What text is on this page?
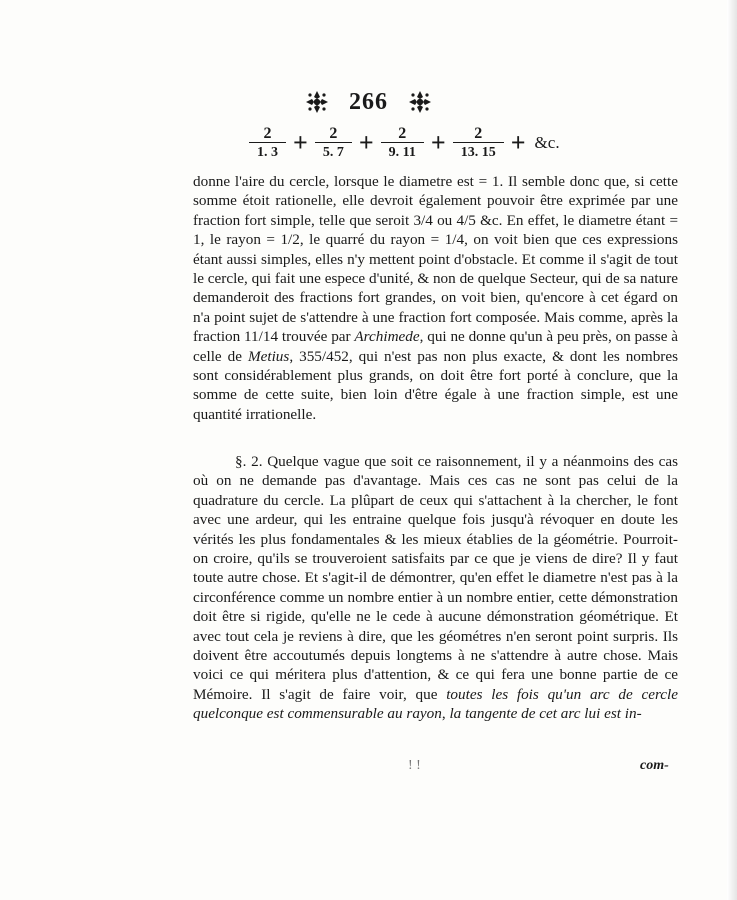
266
$\frac{2}{1. 3} + \frac{2}{5. 7} + \frac{2}{9. 11} + \frac{2}{13. 15}$ + &c.

donne l'aire du cercle, lorsque le diametre est = 1. Il semble donc que, si cette somme étoit rationelle, elle devroit également pouvoir être exprimée par une fraction fort simple, telle que seroit 3/4 ou 4/5 &c. En effet, le diametre étant = 1, le rayon = 1/2, le quarré du rayon = 1/4, on voit bien que ces expressions étant aussi simples, elles n'y mettent point d'obstacle. Et comme il s'agit de tout le cercle, qui fait une espece d'unité, & non de quelque Secteur, qui de sa nature demanderoit des fractions fort grandes, on voit bien, qu'encore à cet égard on n'a point sujet de s'attendre à une fraction fort composée. Mais comme, après la fraction 11/14 trouvée par Archimede, qui ne donne qu'un à peu près, on passe à celle de Metius, 355/452, qui n'est pas non plus exacte, & dont les nombres sont considérablement plus grands, on doit être fort porté à conclure, que la somme de cette suite, bien loin d'être égale à une fraction simple, est une quantité irrationelle.

§. 2. Quelque vague que soit ce raisonnement, il y a néanmoins des cas où on ne demande pas d'avantage. Mais ces cas ne sont pas celui de la quadrature du cercle. La plûpart de ceux qui s'attachent à la chercher, le font avec une ardeur, qui les entraine quelque fois jusqu'à révoquer en doute les vérités les plus fondamentales & les mieux établies de la géométrie. Pourroit-on croire, qu'ils se trouveroient satisfaits par ce que je viens de dire? Il y faut toute autre chose. Et s'agit-il de démontrer, qu'en effet le diametre n'est pas à la circonférence comme un nombre entier à un nombre entier, cette démonstration doit être si rigide, qu'elle ne le cede à aucune démonstration géométrique. Et avec tout cela je reviens à dire, que les géométres n'en seront point surpris. Ils doivent être accoutumés depuis longtems à ne s'attendre à autre chose. Mais voici ce qui méritera plus d'attention, & ce qui fera une bonne partie de ce Mémoire. Il s'agit de faire voir, que toutes les fois qu'un arc de cercle quelconque est commensurable au rayon, la tangente de cet arc lui est in-

! !	com-
